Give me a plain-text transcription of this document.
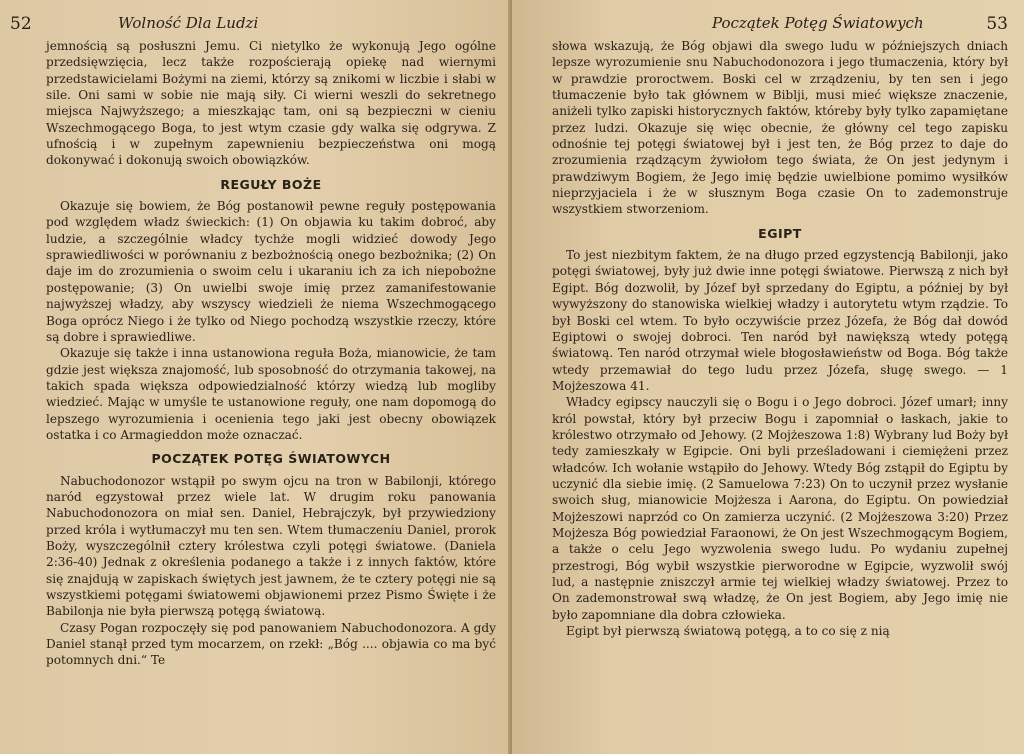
52	Wolność Dla Ludzi

jemnością są posłuszni Jemu. Ci nietylko że wykonują Jego ogólne przedsięwzięcia, lecz także rozpościerają opiekę nad wiernymi przedstawicielami Bożymi na ziemi, którzy są znikomi w liczbie i słabi w sile. Oni sami w sobie nie mają siły. Ci wierni weszli do sekretnego miejsca Najwyższego; a mieszkając tam, oni są bezpieczni w cieniu Wszechmogącego Boga, to jest wtym czasie gdy walka się odgrywa. Z ufnością i w zupełnym zapewnieniu bezpieczeństwa oni mogą dokonywać i dokonują swoich obowiązków.

REGUŁY BOŻE

Okazuje się bowiem, że Bóg postanowił pewne reguły postępowania pod względem władz świeckich: (1) On objawia ku takim dobroć, aby ludzie, a szczególnie władcy tychże mogli widzieć dowody Jego sprawiedliwości w porównaniu z bezbożnością onego bezbożnika; (2) On daje im do zrozumienia o swoim celu i ukaraniu ich za ich niepobożne postępowanie; (3) On uwielbi swoje imię przez zamanifestowanie najwyższej władzy, aby wszyscy wiedzieli że niema Wszechmogącego Boga oprócz Niego i że tylko od Niego pochodzą wszystkie rzeczy, które są dobre i sprawiedliwe.

Okazuje się także i inna ustanowiona reguła Boża, mianowicie, że tam gdzie jest większa znajomość, lub sposobność do otrzymania takowej, na takich spada większa odpowiedzialność którzy wiedzą lub mogliby wiedzieć. Mając w umyśle te ustanowione reguły, one nam dopomogą do lepszego wyrozumienia i ocenienia tego jaki jest obecny obowiązek ostatka i co Armagieddon może oznaczać.

POCZĄTEK POTĘG ŚWIATOWYCH

Nabuchodonozor wstąpił po swym ojcu na tron w Babilonji, którego naród egzystował przez wiele lat. W drugim roku panowania Nabuchodonozora on miał sen. Daniel, Hebrajczyk, był przywiedziony przed króla i wytłumaczył mu ten sen. Wtem tłumaczeniu Daniel, prorok Boży, wyszczególnił cztery królestwa czyli potęgi światowe. (Daniela 2:36-40) Jednak z określenia podanego a także i z innych faktów, które się znajdują w zapiskach świętych jest jawnem, że te cztery potęgi nie są wszystkiemi potęgami światowemi objawionemi przez Pismo Święte i że Babilonja nie była pierwszą potęgą światową.

Czasy Pogan rozpoczęły się pod panowaniem Nabuchodonozora. A gdy Daniel stanął przed tym mocarzem, on rzekł: „Bóg .... objawia co ma być potomnych dni.“ Te

Początek Potęg Światowych	53

słowa wskazują, że Bóg objawi dla swego ludu w późniejszych dniach lepsze wyrozumienie snu Nabuchodonozora i jego tłumaczenia, który był w prawdzie proroctwem. Boski cel w zrządzeniu, by ten sen i jego tłumaczenie było tak głównem w Biblji, musi mieć większe znaczenie, aniżeli tylko zapiski historycznych faktów, któreby były tylko zapamiętane przez ludzi. Okazuje się więc obecnie, że główny cel tego zapisku odnośnie tej potęgi światowej był i jest ten, że Bóg przez to daje do zrozumienia rządzącym żywiołom tego świata, że On jest jedynym i prawdziwym Bogiem, że Jego imię będzie uwielbione pomimo wysiłków nieprzyjaciela i że w słusznym Boga czasie On to zademonstruje wszystkiem stworzeniom.

EGIPT

To jest niezbitym faktem, że na długo przed egzystencją Babilonji, jako potęgi światowej, były już dwie inne potęgi światowe. Pierwszą z nich był Egipt. Bóg dozwolił, by Józef był sprzedany do Egiptu, a później by był wywyższony do stanowiska wielkiej władzy i autorytetu wtym rządzie. To był Boski cel wtem. To było oczywiście przez Józefa, że Bóg dał dowód Egiptowi o swojej dobroci. Ten naród był nawiększą wtedy potęgą światową. Ten naród otrzymał wiele błogosławieństw od Boga. Bóg także wtedy przemawiał do tego ludu przez Józefa, sługę swego. — 1 Mojżeszowa 41.

Władcy egipscy nauczyli się o Bogu i o Jego dobroci. Józef umarł; inny król powstał, który był przeciw Bogu i zapomniał o łaskach, jakie to królestwo otrzymało od Jehowy. (2 Mojżeszowa 1:8) Wybrany lud Boży był tedy zamieszkały w Egipcie. Oni byli prześladowani i ciemiężeni przez władców. Ich wołanie wstąpiło do Jehowy. Wtedy Bóg zstąpił do Egiptu by uczynić dla siebie imię. (2 Samuelowa 7:23) On to uczynił przez wysłanie swoich sług, mianowicie Mojżesza i Aarona, do Egiptu. On powiedział Mojżeszowi naprzód co On zamierza uczynić. (2 Mojżeszowa 3:20) Przez Mojżesza Bóg powiedział Faraonowi, że On jest Wszechmogącym Bogiem, a także o celu Jego wyzwolenia swego ludu. Po wydaniu zupełnej przestrogi, Bóg wybił wszystkie pierworodne w Egipcie, wyzwolił swój lud, a następnie zniszczył armie tej wielkiej władzy światowej. Przez to On zademonstrował swą władzę, że On jest Bogiem, aby Jego imię nie było zapomniane dla dobra człowieka.

Egipt był pierwszą światową potęgą, a to co się z nią
